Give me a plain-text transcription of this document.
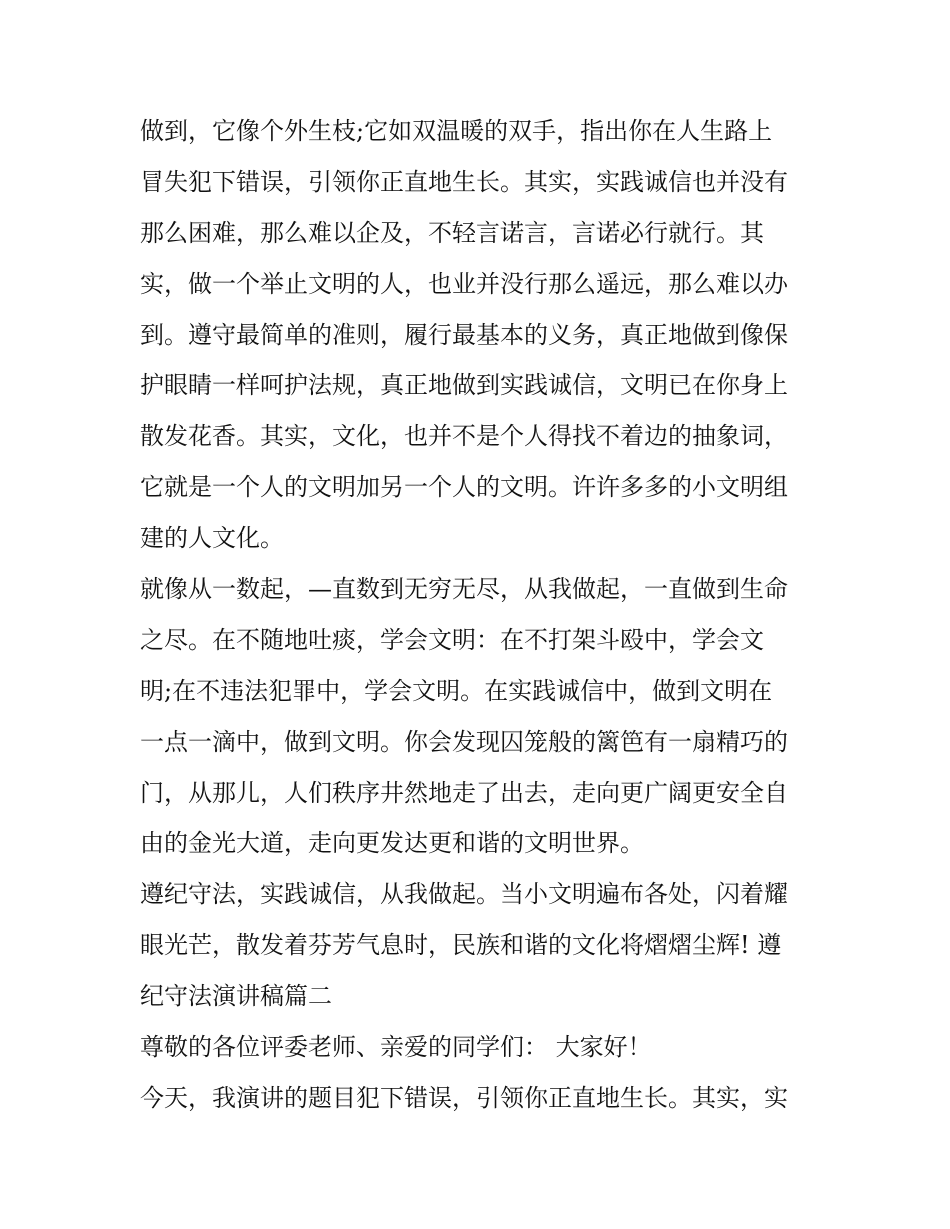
做到，它像个外生枝;它如双温暖的双手，指出你在人生路上
冒失犯下错误，引领你正直地生长。其实，实践诚信也并没有
那么困难，那么难以企及，不轻言诺言，言诺必行就行。其
实，做一个举止文明的人，也业并没行那么遥远，那么难以办
到。遵守最简单的准则，履行最基本的义务，真正地做到像保
护眼睛一样呵护法规，真正地做到实践诚信，文明已在你身上
散发花香。其实，文化，也并不是个人得找不着边的抽象词，
它就是一个人的文明加另一个人的文明。许许多多的小文明组
建的人文化。
就像从一数起，—直数到无穷无尽，从我做起，一直做到生命
之尽。在不随地吐痰，学会文明：在不打架斗殴中，学会文
明;在不违法犯罪中，学会文明。在实践诚信中，做到文明在
一点一滴中，做到文明。你会发现囚笼般的篱笆有一扇精巧的
门，从那儿，人们秩序井然地走了出去，走向更广阔更安全自
由的金光大道，走向更发达更和谐的文明世界。
遵纪守法，实践诚信，从我做起。当小文明遍布各处，闪着耀
眼光芒，散发着芬芳气息时，民族和谐的文化将熠熠尘辉! 遵
纪守法演讲稿篇二
尊敬的各位评委老师、亲爱的同学们： 大家好！
今天，我演讲的题目犯下错误，引领你正直地生长。其实，实
